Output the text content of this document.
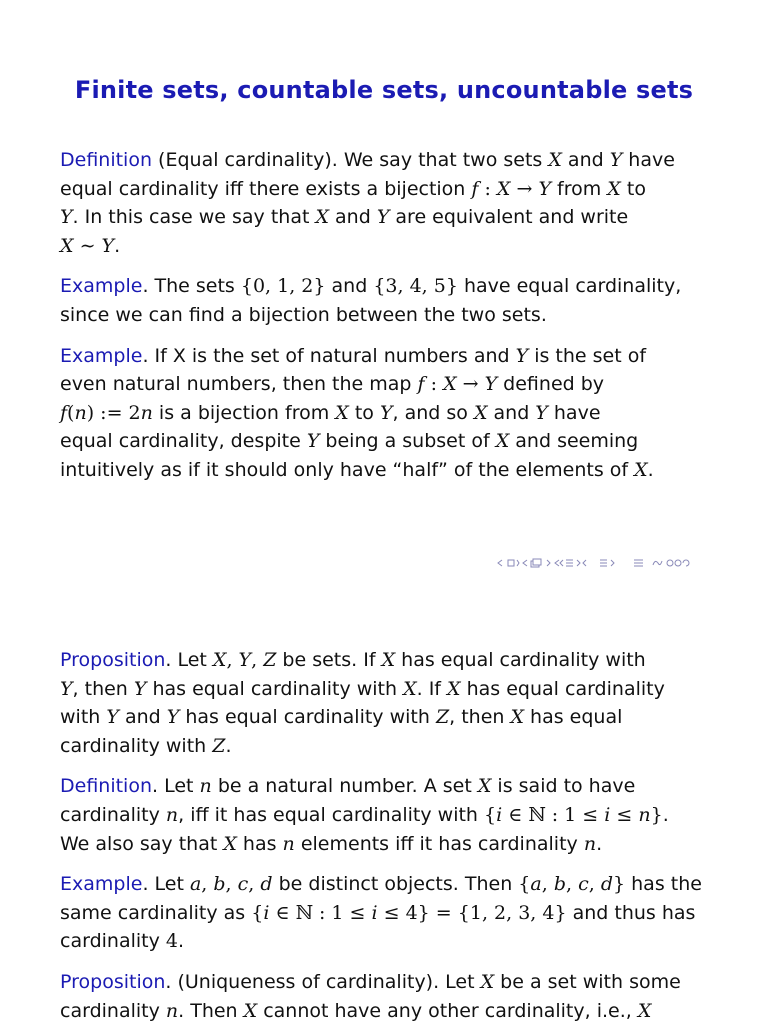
Finite sets, countable sets, uncountable sets

Definition (Equal cardinality). We say that two sets X and Y have
equal cardinality iff there exists a bijection f : X → Y from X to
Y. In this case we say that X and Y are equivalent and write
X ∼ Y.

Example. The sets {0, 1, 2} and {3, 4, 5} have equal cardinality,
since we can find a bijection between the two sets.

Example. If X is the set of natural numbers and Y is the set of
even natural numbers, then the map f : X → Y defined by
f(n) := 2n is a bijection from X to Y, and so X and Y have
equal cardinality, despite Y being a subset of X and seeming
intuitively as if it should only have “half” of the elements of X.

Proposition. Let X, Y, Z be sets. If X has equal cardinality with
Y, then Y has equal cardinality with X. If X has equal cardinality
with Y and Y has equal cardinality with Z, then X has equal
cardinality with Z.

Definition. Let n be a natural number. A set X is said to have
cardinality n, iff it has equal cardinality with {i ∈ ℕ : 1 ≤ i ≤ n}.
We also say that X has n elements iff it has cardinality n.

Example. Let a, b, c, d be distinct objects. Then {a, b, c, d} has the
same cardinality as {i ∈ ℕ : 1 ≤ i ≤ 4} = {1, 2, 3, 4} and thus has
cardinality 4.

Proposition. (Uniqueness of cardinality). Let X be a set with some
cardinality n. Then X cannot have any other cardinality, i.e., X
